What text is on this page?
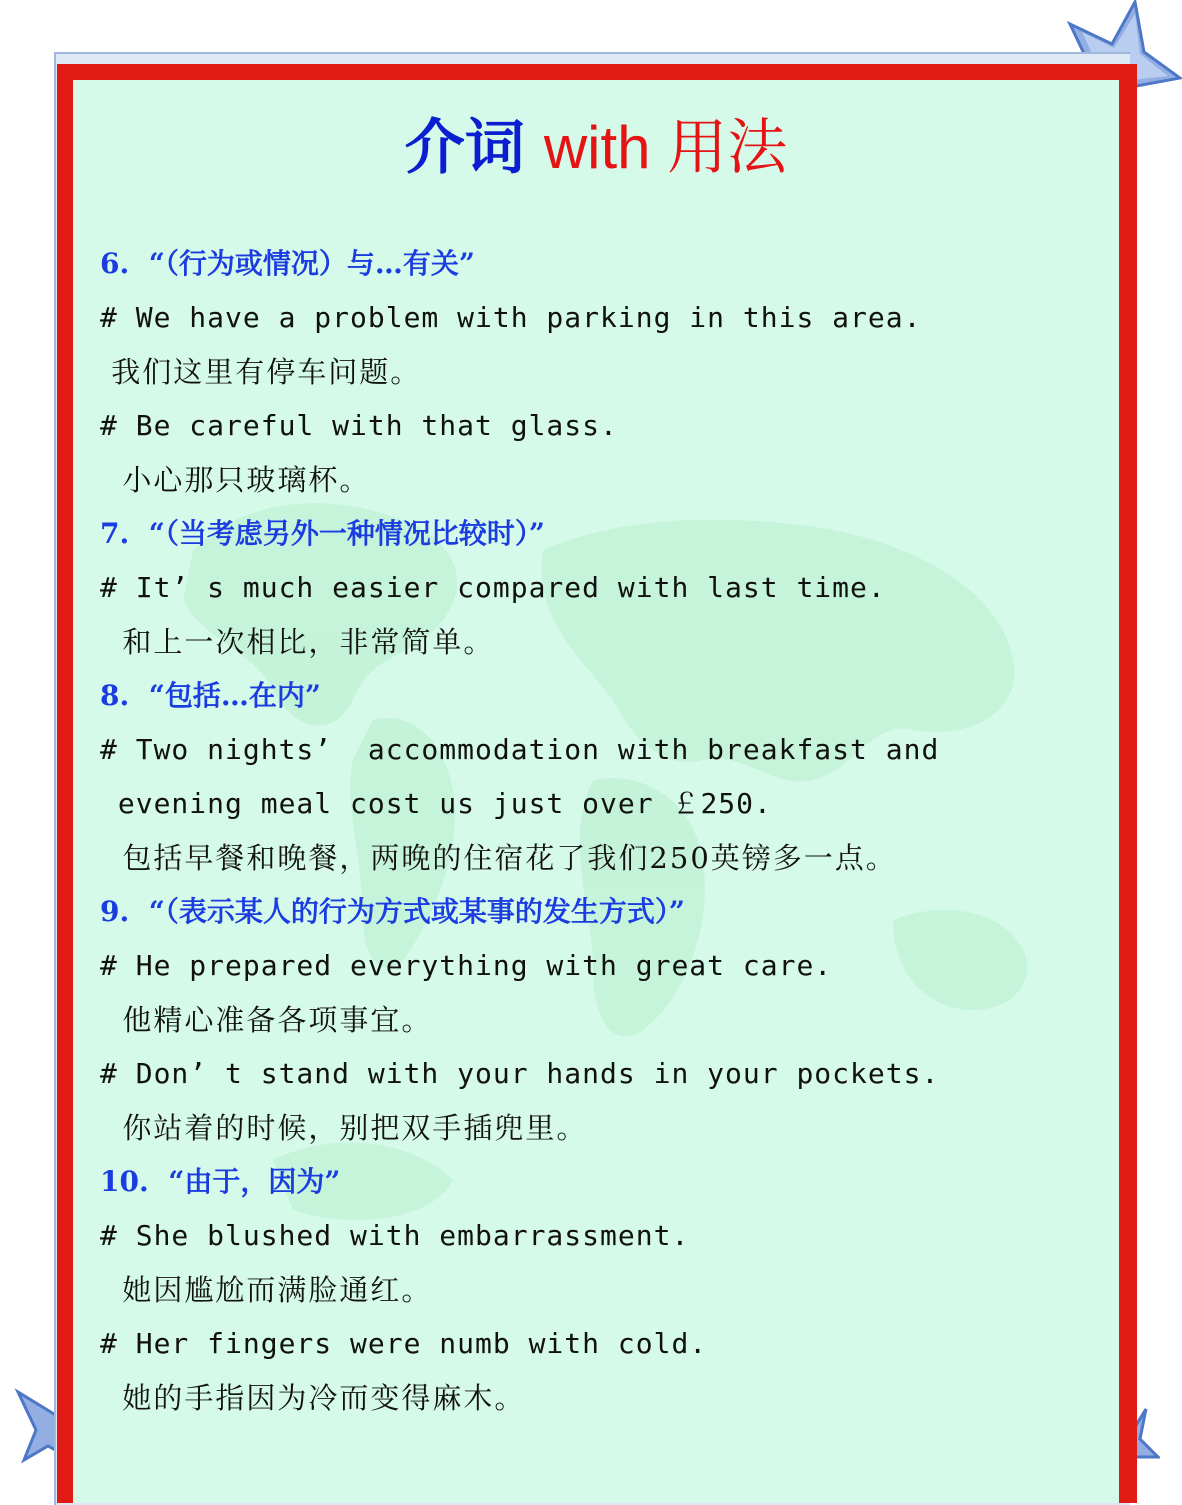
介词 with 用法
6.  “（行为或情况）与…有关”
# We have a problem with parking in this area.
我们这里有停车问题。
# Be careful with that glass.
小心那只玻璃杯。
7.  “（当考虑另外一种情况比较时）”
# It’ s much easier compared with last time.
和上一次相比，非常简单。
8.  “包括…在内”
# Two nights’  accommodation with breakfast and
evening meal cost us just over ￡250.
包括早餐和晚餐，两晚的住宿花了我们250英镑多一点。
9.  “（表示某人的行为方式或某事的发生方式）”
# He prepared everything with great care.
他精心准备各项事宜。
# Don’ t stand with your hands in your pockets.
你站着的时候，别把双手插兜里。
10.  “由于，因为”
# She blushed with embarrassment.
她因尴尬而满脸通红。
# Her fingers were numb with cold.
她的手指因为冷而变得麻木。
